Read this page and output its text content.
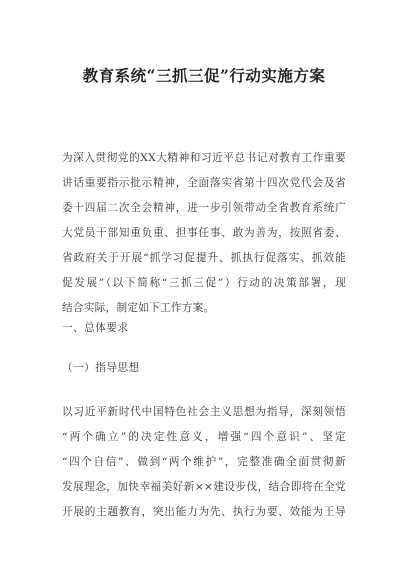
教育系统“三抓三促”行动实施方案
为深入贯彻党的XX大精神和习近平总书记对教育工作重要
讲话重要指示批示精神，全面落实省第十四次党代会及省
委十四届二次全会精神，进一步引领带动全省教育系统广
大党员干部知重负重、担事任事、敢为善为，按照省委、
省政府关于开展“抓学习促提升、抓执行促落实、抓效能
促发展”（以下简称“三抓三促”）行动的决策部署，现
结合实际，制定如下工作方案。
一、总体要求
（一）指导思想
以习近平新时代中国特色社会主义思想为指导，深刻领悟
“两个确立”的决定性意义，增强“四个意识”、坚定
“四个自信”、做到“两个维护”，完整准确全面贯彻新
发展理念，加快幸福美好新××建设步伐，结合即将在全党
开展的主题教育，突出能力为先、执行为要、效能为王导
